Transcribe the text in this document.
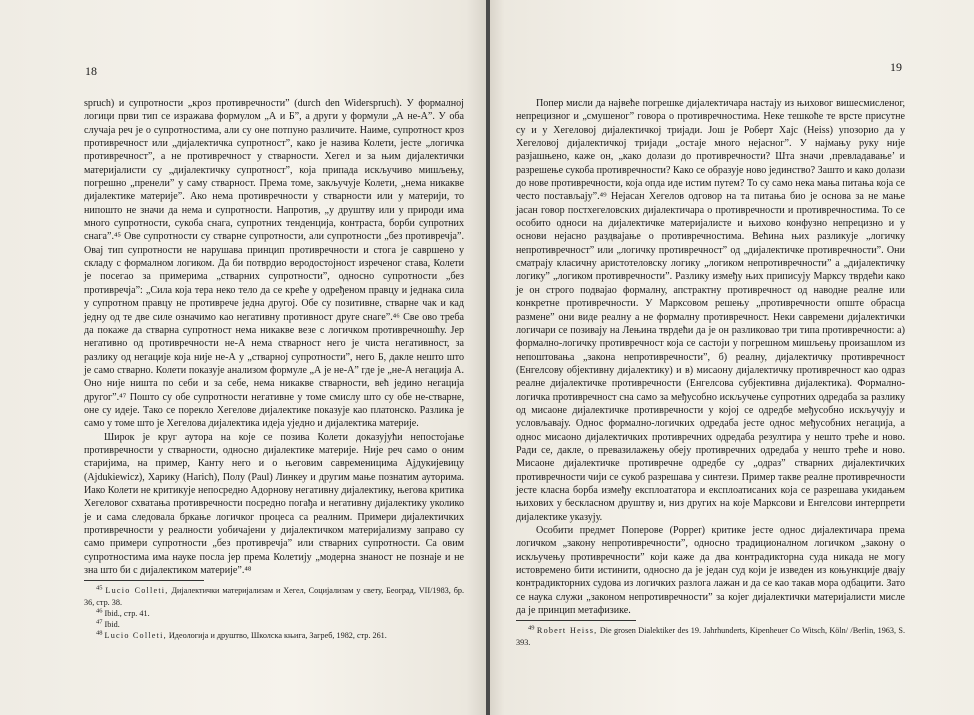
18

spruch) и супротности „кроз противречности” (durch den Widerspruch). У формалној логици први тип се изражава формулом „А и Б”, а други у формули „А не-А”. У оба случаја реч је о супротностима, али су оне потпуно различите. Наиме, супротност кроз противречност или „дијалектичка супротност”, како је назива Колети, јесте „логичка противречност”, а не противречност у стварности. Хегел и за њим дијалектички материјалисти су „дијалектичку супротност”, која припада искључиво мишљењу, погрешно „пренели” у саму стварност. Према томе, закључује Колети, „нема никакве дијалектике материје”. Ако нема противречности у стварности или у материји, то нипошто не значи да нема и супротности. Напротив, „у друштву или у природи има много супротности, сукоба снага, супротних тенденција, контраста, борби супротних снага”.⁴⁵ Ове супротности су стварне супротности, али супротности „без противречја”. Овај тип супротности не нарушава принцип противречности и стога је савршено у складу с формалном логиком. Да би потврдио веродостојност изреченог става, Колети је посегао за примерима „стварних супротности”, односно супротности „без противречја”: „Сила која тера неко тело да се креће у одређеном правцу и једнака сила у супротном правцу не противрече једна другој. Обе су позитивне, стварне чак и кад једну од те две силе означимо као негативну противност друге снаге”.⁴⁶ Све ово треба да покаже да стварна супротност нема никакве везе с логичком противречношћу. Јер негативно од противречности не-А нема стварност него је чиста негативност, за разлику од негације која није не-А у „стварној супротности”, него Б, дакле нешто што је само стварно. Колети показује анализом формуле „А је не-А” где је „не-А негација А. Оно није ништа по себи и за себе, нема никакве стварности, већ једино негација другог”.⁴⁷ Пошто су обе супротности негативне у томе смислу што су обе не-стварне, оне су идеје. Тако се порекло Хегелове дијалектике показује као платонско. Разлика је само у томе што је Хегелова дијалектика идеја уједно и дијалектика материје.

Широк је круг аутора на које се позива Колети доказујући непостојање противречности у стварности, односно дијалектике материје. Није реч само о оним старијима, на пример, Канту него и о његовим савременицима Ајдукијевицу (Ajdukiewicz), Харику (Harich), Полу (Paul) Линкеу и другим мање познатим ауторима. Иако Колети не критикује непосредно Адорнову негативну дијалектику, његова критика Хегеловог схватања противречности посредно погађа и негативну дијалектику уколико је и сама следовала бркање логичког процеса са реалним. Примери дијалектичких противречности у реалности уобичајени у дијалектичком материјализму заправо су само примери супротности „без противречја” или стварних супротности. Са овим супротностима има науке посла јер према Колетију „модерна знаност не познаје и не зна што би с дијалектиком материје”.⁴⁸

$^{45}$ Lucio Colleti, Дијалектички материјализам и Хегел, Социјализам у свету, Београд, VII/1983, бр. 36, стр. 38.

$^{46}$ Ibid., стр. 41.

$^{47}$ Ibid.

$^{48}$ Lucio Colleti, Идеологија и друштво, Школска књига, Загреб, 1982, стр. 261.

19

Попер мисли да највеће погрешке дијалектичара настају из њиховог вишесмисленог, непрецизног и „смушеног” говора о противречностима. Неке тешкоће те врсте присутне су и у Хегеловој дијалектичкој тријади. Још је Роберт Хајс (Heiss) упозорио да у Хегеловој дијалектичкој тријади „остаје много нејасног”. У најмању руку није разјашњено, каже он, „како долази до противречности? Шта значи ‚превладавање’ и разрешење сукоба противречности? Како се образује ново јединство? Зашто и како долази до нове противречности, која опда иде истим путем? То су само нека мања питања која се често постављају”.⁴⁹ Нејасан Хегелов одговор на та питања био је основа за не мање јасан говор постхегеловских дијалектичара о противречности и противречностима. То се особито односи на дијалектичке материјалисте и њихово конфузно непрецизно и у основи нејасно раздвајање о противречностима. Већина њих разликује „логичку непротивречност” или „логичку противречност” од „дијалектичке противречности”. Они сматрају класичну аристотеловску логику „логиком непротивречности” а „дијалектичку логику” „логиком противречности”. Разлику између њих приписују Марксу тврдећи како је он строго подвајао формалну, апстрактну противречност од наводне реалне или конкретне противречности. У Марксовом решењу „противречности опште обрасца размене” они виде реалну а не формалну противречност. Неки савремени дијалектички логичари се позивају на Лењина тврдећи да је он разликовао три типа противречности: а) формално-логичку противречност која се састоји у погрешном мишљењу произашлом из непоштовања „закона непротивречности”, б) реалну, дијалектичку противречност (Енгелсову објективну дијалектику) и в) мисаону дијалектичку противречност као одраз реалне дијалектичке противречности (Енгелсова субјективна дијалектика). Формално-логичка противречност сна само за међусобно искључење супротних одредаба за разлику од мисаоне дијалектичке противречности у којој се одредбе међусобно искључују и условљавају. Однос формално-логичких одредаба јесте однос међусобних негација, а однос мисаоно дијалектичких противречних одредаба резултира у нешто треће и ново. Ради се, дакле, о превазилажењу обеју противречних одредаба у нешто треће и ново. Мисаоне дијалектичке противречне одредбе су „одраз” стварних дијалектичких противречности чији се сукоб разрешава у синтези. Пример такве реалне противречности јесте класна борба између експлоататора и експлоатисаних која се разрешава укидањем њихових у бескласном друштву и, низ других на које Марксови и Енгелсови интерпрети дијалектике указују.

Особити предмет Поперове (Popper) критике јесте однос дијалектичара према логичком „закону непротивречности”, односно традиционалном логичком „закону о искључењу противречности” који каже да два контрадикторна суда никада не могу истовремено бити истинити, односно да је један суд који је изведен из коњункције двају контрадикторних судова из логичких разлога лажан и да се као такав мора одбацити. Зато се наука служи „законом непротивречности” за којег дијалектички материјалисти мисле да је принцип метафизике.

$^{49}$ Robert Heiss, Die grosen Dialektiker des 19. Jahrhunderts, Kipenheuer Co Witsch, Köln/ /Berlin, 1963, S. 393.
